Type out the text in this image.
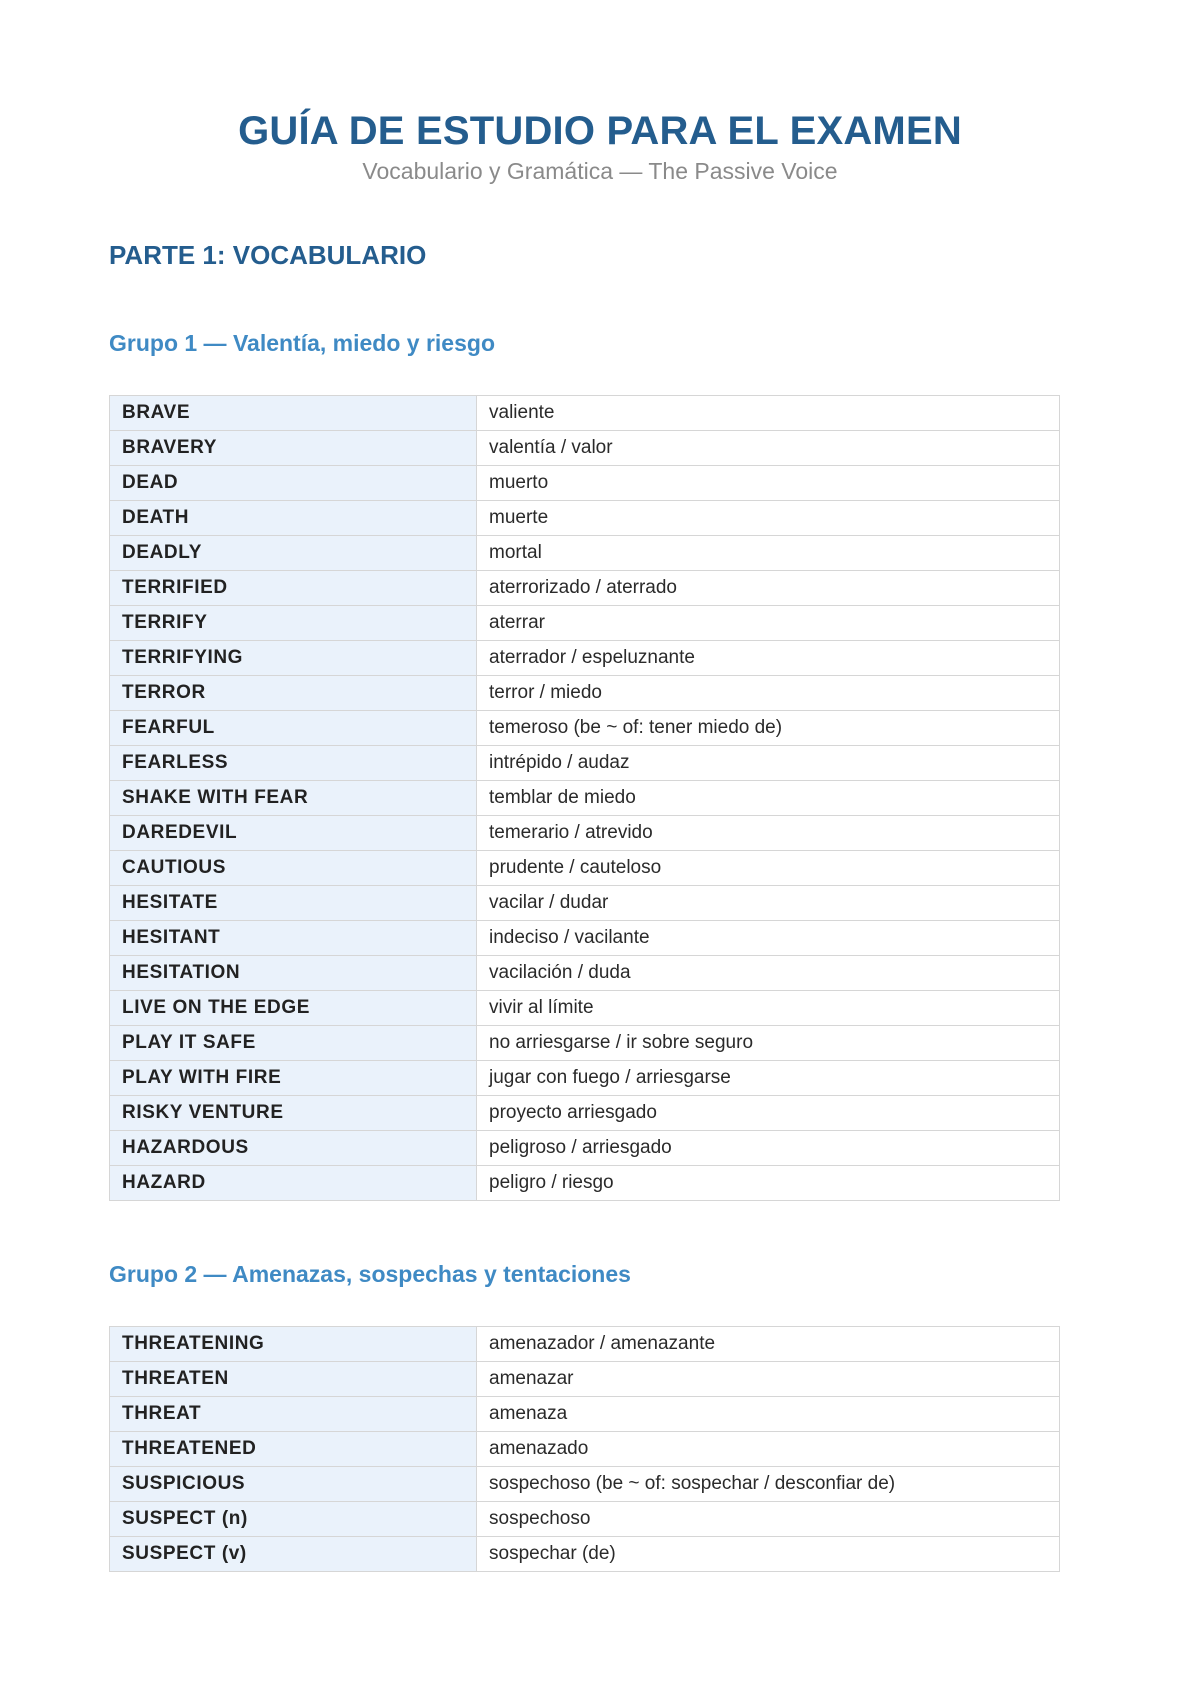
GUÍA DE ESTUDIO PARA EL EXAMEN
Vocabulario y Gramática — The Passive Voice
PARTE 1: VOCABULARIO
Grupo 1 — Valentía, miedo y riesgo
BRAVE	valiente
BRAVERY	valentía / valor
DEAD	muerto
DEATH	muerte
DEADLY	mortal
TERRIFIED	aterrorizado / aterrado
TERRIFY	aterrar
TERRIFYING	aterrador / espeluznante
TERROR	terror / miedo
FEARFUL	temeroso (be ~ of: tener miedo de)
FEARLESS	intrépido / audaz
SHAKE WITH FEAR	temblar de miedo
DAREDEVIL	temerario / atrevido
CAUTIOUS	prudente / cauteloso
HESITATE	vacilar / dudar
HESITANT	indeciso / vacilante
HESITATION	vacilación / duda
LIVE ON THE EDGE	vivir al límite
PLAY IT SAFE	no arriesgarse / ir sobre seguro
PLAY WITH FIRE	jugar con fuego / arriesgarse
RISKY VENTURE	proyecto arriesgado
HAZARDOUS	peligroso / arriesgado
HAZARD	peligro / riesgo
Grupo 2 — Amenazas, sospechas y tentaciones
THREATENING	amenazador / amenazante
THREATEN	amenazar
THREAT	amenaza
THREATENED	amenazado
SUSPICIOUS	sospechoso (be ~ of: sospechar / desconfiar de)
SUSPECT (n)	sospechoso
SUSPECT (v)	sospechar (de)
